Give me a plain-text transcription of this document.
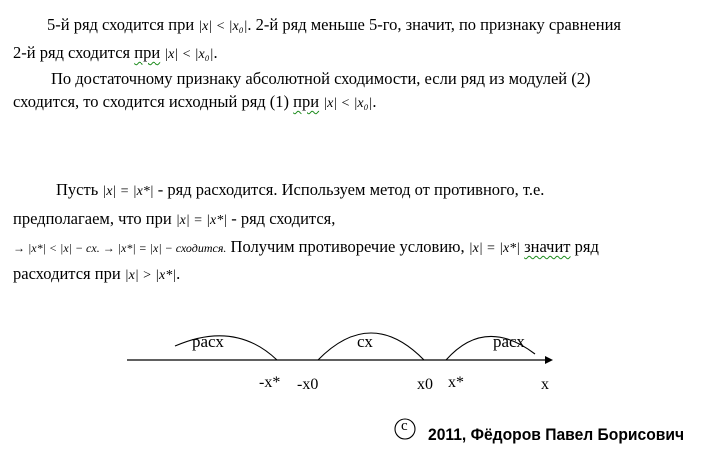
5-й ряд сходится при |x| < |x₀|. 2-й ряд меньше 5-го, значит, по признаку сравнения
2-й ряд сходится при |x| < |x₀|.
По достаточному признаку абсолютной сходимости, если ряд из модулей (2)
сходится, то сходится исходный ряд (1) при |x| < |x₀|.
Пусть |x| = |x*| - ряд расходится. Используем метод от противного, т.е.
предполагаем, что при |x| = |x*| - ряд сходится,
→ |x*| < |x| − cx. → |x*| = |x| − сходится. Получим противоречие условию, |x| = |x*| значит ряд
расходится при |x| > |x*|.
расх	сх	расх
-x* -x0	x0 x*	x
c 2011, Фёдоров Павел Борисович
